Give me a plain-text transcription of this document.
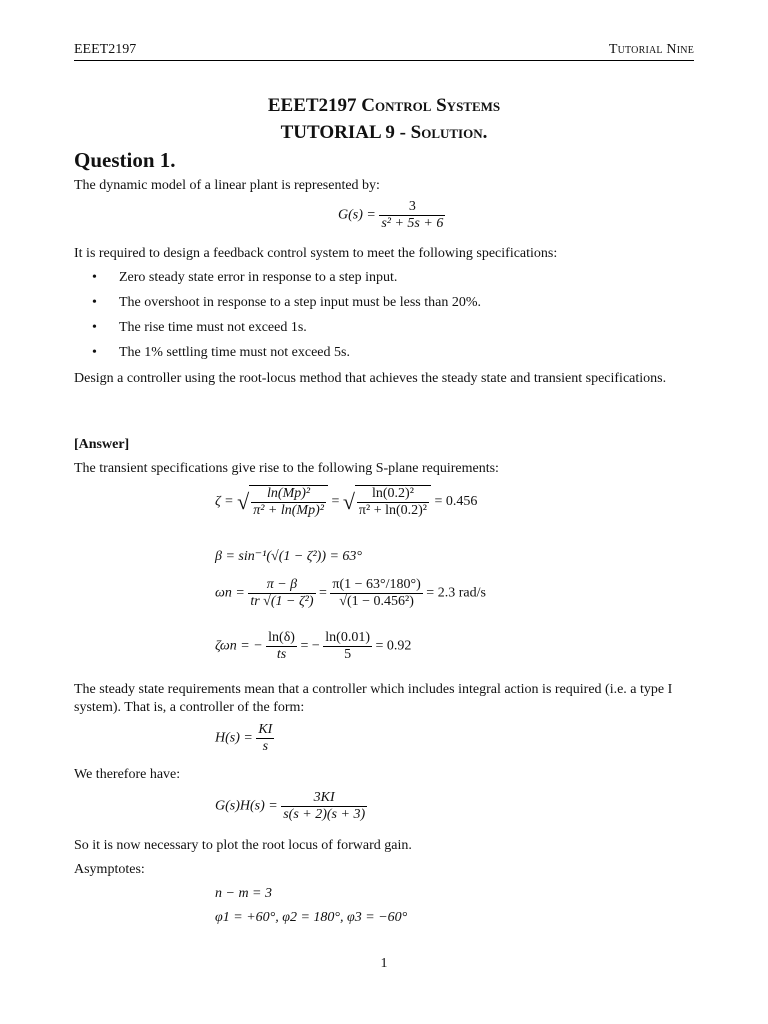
EEET2197	Tutorial Nine
EEET2197 Control Systems
TUTORIAL 9 - Solution.
Question 1.
The dynamic model of a linear plant is represented by:
$G(s) = \frac{3}{\text{s² + 5s + 6}}$
It is required to design a feedback control system to meet the following specifications:
• Zero steady state error in response to a step input.
• The overshoot in response to a step input must be less than 20%.
• The rise time must not exceed 1s.
• The 1% settling time must not exceed 5s.
Design a controller using the root-locus method that achieves the steady state and transient specifications.
[Answer]
The transient specifications give rise to the following S-plane requirements:
ζ = √ $\frac{\text{ln(Mp)²}}{\text{π² + ln(Mp)²}}$ = √ $\frac{\text{ln(0.2)²}}{\text{π² + ln(0.2)²}} = 0.456$
β = sin⁻¹(√(1 − ζ²)) = 63°
$\omega n = \frac{\pi - \beta}{\text{tr √(1 − ζ²)}} = \frac{\pi(1 - 63^\circ/180^\circ)}{\text{√(1 − 0.456²)}} = 2.3$ rad/s
ζωn = − $\frac{\ln(\delta)}{ts}$ = − $\frac{\ln(0.01)}{5} = 0.92$
The steady state requirements mean that a controller which includes integral action is required (i.e. a type I system). That is, a controller of the form:
$H(s) = \frac{KI}{s}$
We therefore have:
$G(s)H(s) = \frac{3KI}{s(s + 2)(s + 3)}$
So it is now necessary to plot the root locus of forward gain.
Asymptotes:
n − m = 3
φ1 = +60°, φ2 = 180°, φ3 = −60°
1
